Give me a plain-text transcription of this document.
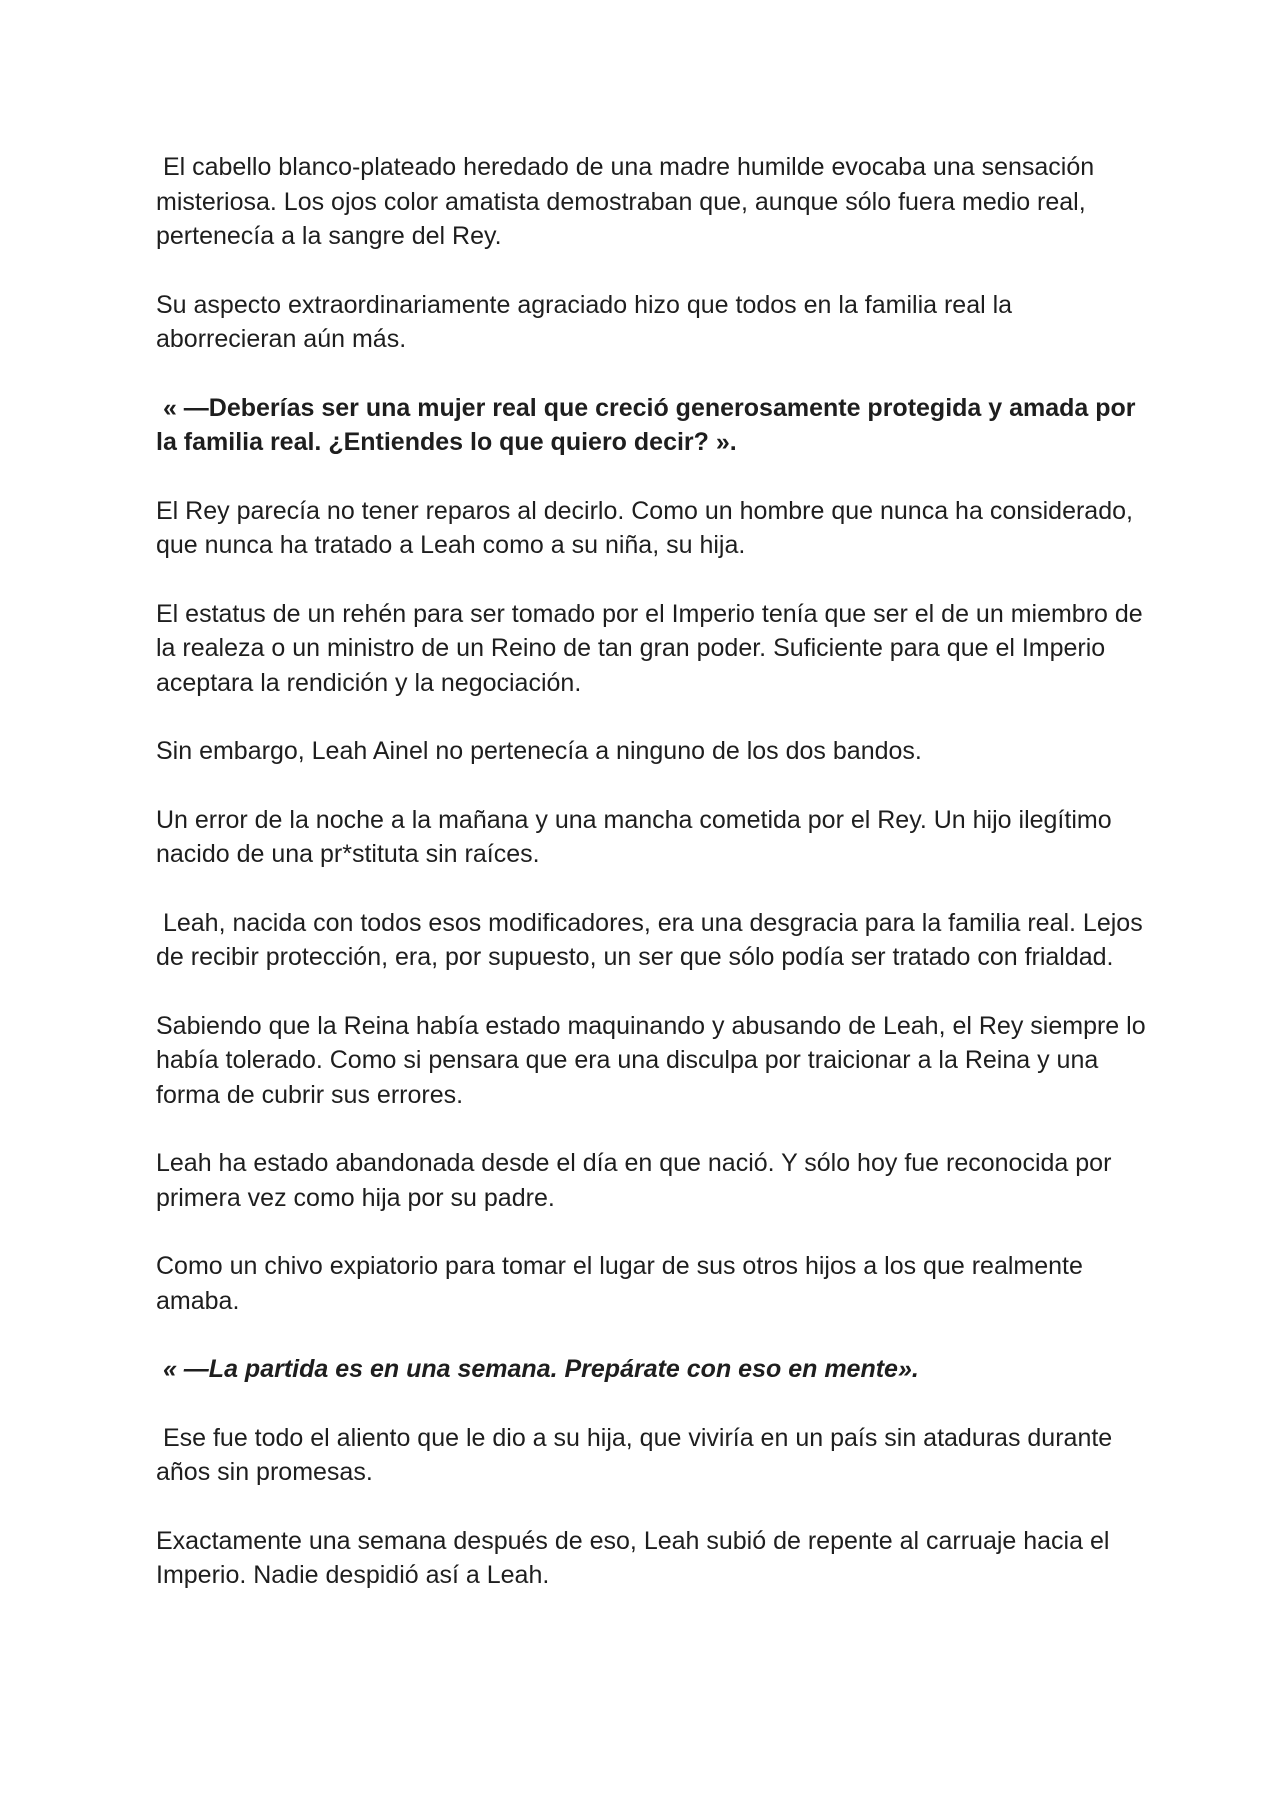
El cabello blanco-plateado heredado de una madre humilde evocaba una sensación misteriosa. Los ojos color amatista demostraban que, aunque sólo fuera medio real, pertenecía a la sangre del Rey.

Su aspecto extraordinariamente agraciado hizo que todos en la familia real la aborrecieran aún más.

« —Deberías ser una mujer real que creció generosamente protegida y amada por la familia real. ¿Entiendes lo que quiero decir? ».

El Rey parecía no tener reparos al decirlo. Como un hombre que nunca ha considerado, que nunca ha tratado a Leah como a su niña, su hija.

El estatus de un rehén para ser tomado por el Imperio tenía que ser el de un miembro de la realeza o un ministro de un Reino de tan gran poder. Suficiente para que el Imperio aceptara la rendición y la negociación.

Sin embargo, Leah Ainel no pertenecía a ninguno de los dos bandos.

Un error de la noche a la mañana y una mancha cometida por el Rey. Un hijo ilegítimo nacido de una pr*stituta sin raíces.

Leah, nacida con todos esos modificadores, era una desgracia para la familia real. Lejos de recibir protección, era, por supuesto, un ser que sólo podía ser tratado con frialdad.

Sabiendo que la Reina había estado maquinando y abusando de Leah, el Rey siempre lo había tolerado. Como si pensara que era una disculpa por traicionar a la Reina y una forma de cubrir sus errores.

Leah ha estado abandonada desde el día en que nació. Y sólo hoy fue reconocida por primera vez como hija por su padre.

Como un chivo expiatorio para tomar el lugar de sus otros hijos a los que realmente amaba.

« —La partida es en una semana. Prepárate con eso en mente».

Ese fue todo el aliento que le dio a su hija, que viviría en un país sin ataduras durante años sin promesas.

Exactamente una semana después de eso, Leah subió de repente al carruaje hacia el Imperio. Nadie despidió así a Leah.
